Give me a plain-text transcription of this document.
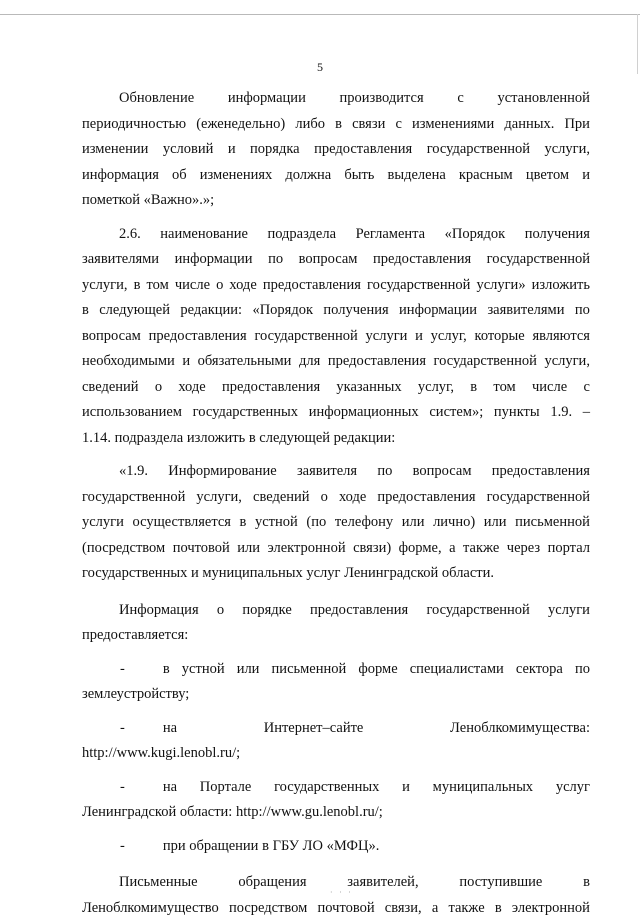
· · ·
5
Обновление информации производится с установленной
периодичностью (еженедельно) либо в связи с изменениями данных. При
изменении условий и порядка предоставления государственной услуги,
информация об изменениях должна быть выделена красным цветом и
пометкой «Важно».»;
2.6. наименование подраздела Регламента «Порядок получения
заявителями информации по вопросам предоставления государственной
услуги, в том числе о ходе предоставления государственной услуги» изложить
в следующей редакции: «Порядок получения информации заявителями по
вопросам предоставления государственной услуги и услуг, которые являются
необходимыми и обязательными для предоставления государственной услуги,
сведений о ходе предоставления указанных услуг, в том числе с
использованием государственных информационных систем»; пункты 1.9. –
1.14. подраздела изложить в следующей редакции:
«1.9. Информирование заявителя по вопросам предоставления
государственной услуги, сведений о ходе предоставления государственной
услуги осуществляется в устной (по телефону или лично) или письменной
(посредством почтовой или электронной связи) форме, а также через портал
государственных и муниципальных услуг Ленинградской области.
Информация о порядке предоставления государственной услуги
предоставляется:
-	в устной или письменной форме специалистами сектора по
землеустройству;
-	на	Интернет–сайте	Леноблкомимущества:
http://www.kugi.lenobl.ru/;
-	на Портале государственных и муниципальных услуг
Ленинградской области: http://www.gu.lenobl.ru/;
-	при обращении в ГБУ ЛО «МФЦ».
Письменные	обращения	заявителей,	поступившие	в
Леноблкомимущество посредством почтовой связи, а также в электронной
